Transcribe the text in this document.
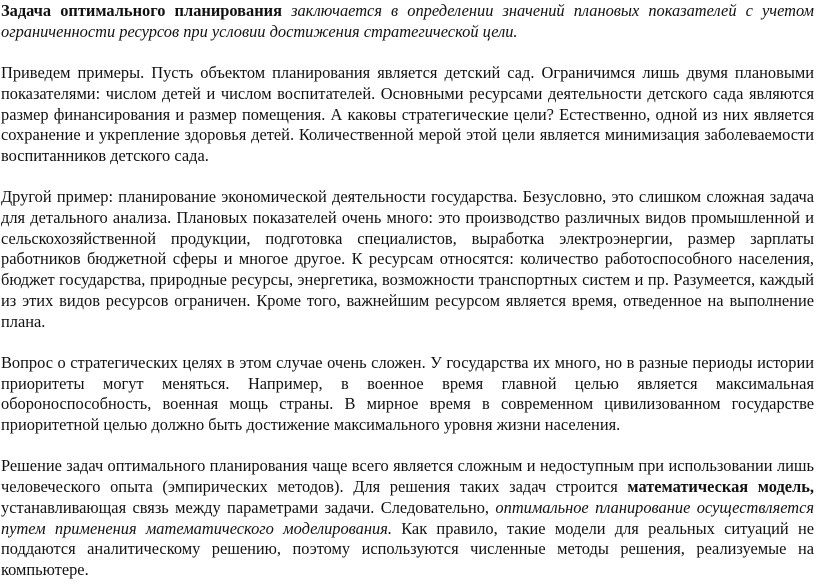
Задача оптимального планирования заключается в определении значений плановых показателей с учетом ограниченности ресурсов при условии достижения стратегической цели.

Приведем примеры. Пусть объектом планирования является детский сад. Ограничимся лишь двумя плановыми показателями: числом детей и числом воспитателей. Основными ресурсами деятельности детского сада являются размер финансирования и размер помещения. А каковы стратегические цели? Естественно, одной из них является сохранение и укрепление здоровья детей. Количественной мерой этой цели является минимизация заболеваемости воспитанников детского сада.

Другой пример: планирование экономической деятельности государства. Безусловно, это слишком сложная задача для детального анализа. Плановых показателей очень много: это производство различных видов промышленной и сельскохозяйственной продукции, подготовка специалистов, выработка электроэнергии, размер зарплаты работников бюджетной сферы и многое другое. К ресурсам относятся: количество работоспособного населения, бюджет государства, природные ресурсы, энергетика, возможности транспортных систем и пр. Разумеется, каждый из этих видов ресурсов ограничен. Кроме того, важнейшим ресурсом является время, отведенное на выполнение плана.

Вопрос о стратегических целях в этом случае очень сложен. У государства их много, но в разные периоды истории приоритеты могут меняться. Например, в военное время главной целью является максимальная обороноспособность, военная мощь страны. В мирное время в современном цивилизованном государстве приоритетной целью должно быть достижение максимального уровня жизни населения.

Решение задач оптимального планирования чаще всего является сложным и недоступным при использовании лишь человеческого опыта (эмпирических методов). Для решения таких задач строится математическая модель, устанавливающая связь между параметрами задачи. Следовательно, оптимальное планирование осуществляется путем применения математического моделирования. Как правило, такие модели для реальных ситуаций не поддаются аналитическому решению, поэтому используются численные методы решения, реализуемые на компьютере.
